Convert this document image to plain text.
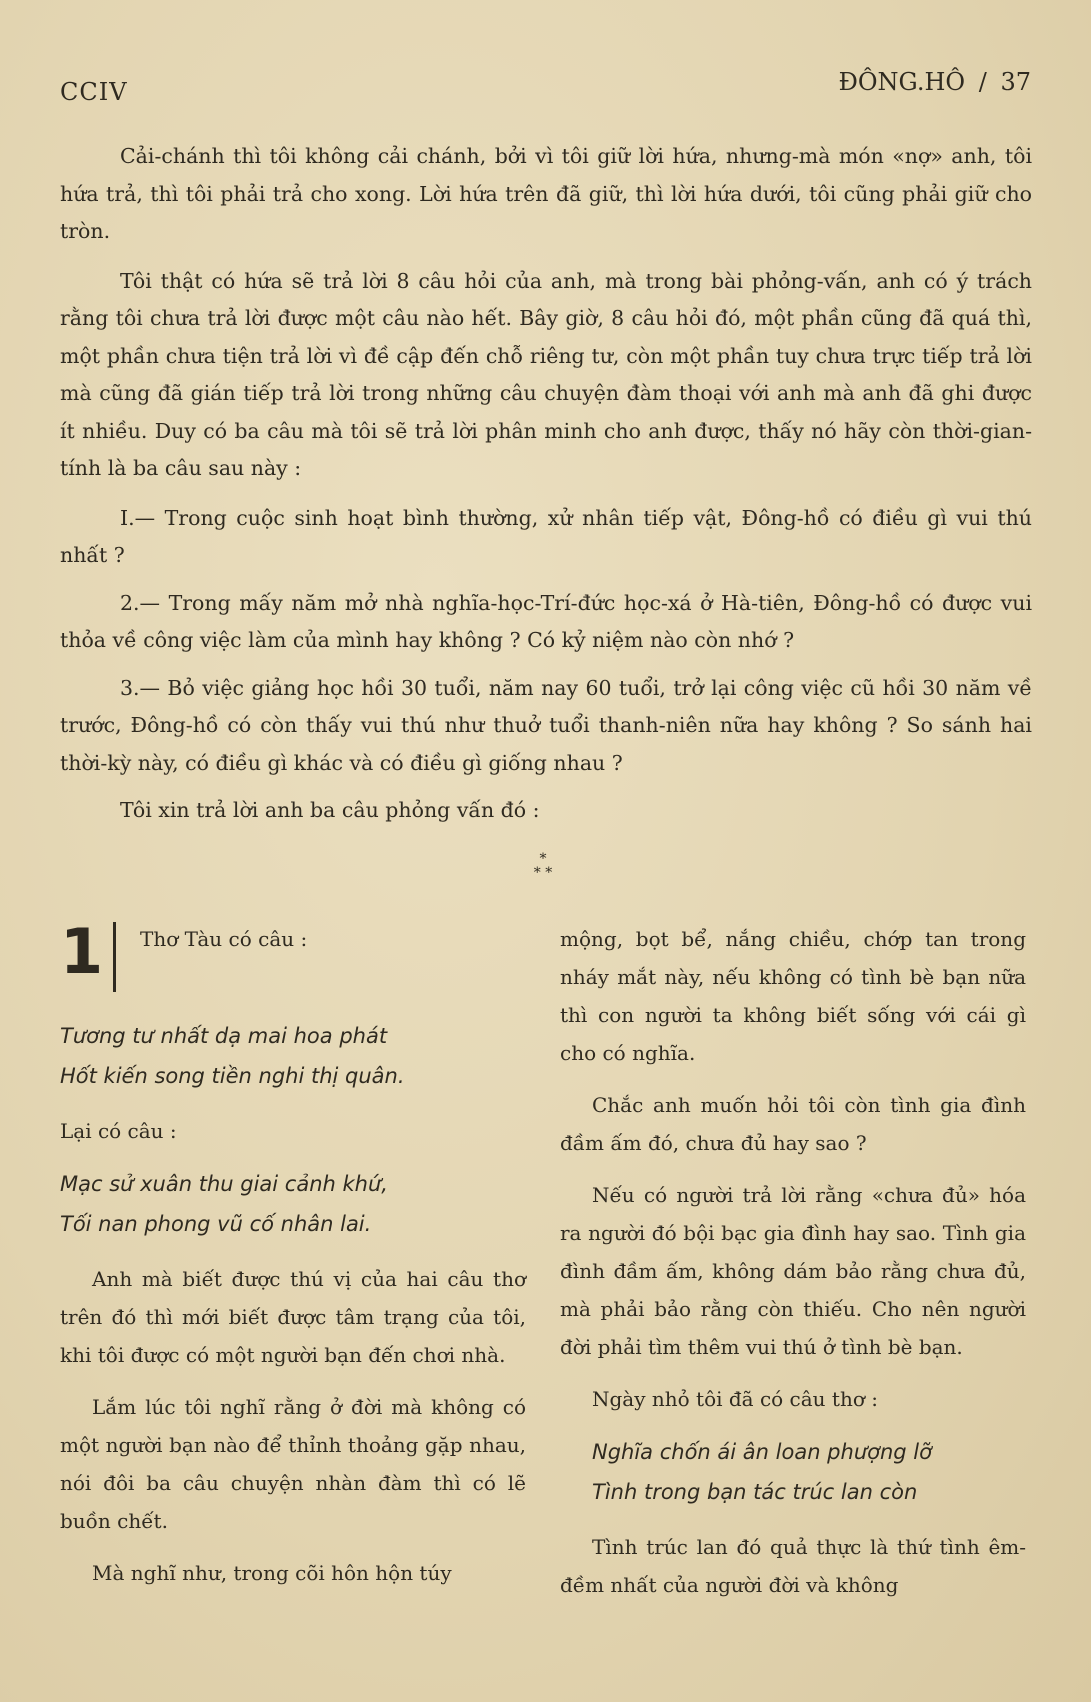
CCIV	ĐÔNG.HÔ / 37

Cải-chánh thì tôi không cải chánh, bởi vì tôi giữ lời hứa, nhưng-mà món «nợ» anh, tôi hứa trả, thì tôi phải trả cho xong. Lời hứa trên đã giữ, thì lời hứa dưới, tôi cũng phải giữ cho tròn.

Tôi thật có hứa sẽ trả lời 8 câu hỏi của anh, mà trong bài phỏng-vấn, anh có ý trách rằng tôi chưa trả lời được một câu nào hết. Bây giờ, 8 câu hỏi đó, một phần cũng đã quá thì, một phần chưa tiện trả lời vì đề cập đến chỗ riêng tư, còn một phần tuy chưa trực tiếp trả lời mà cũng đã gián tiếp trả lời trong những câu chuyện đàm thoại với anh mà anh đã ghi được ít nhiều. Duy có ba câu mà tôi sẽ trả lời phân minh cho anh được, thấy nó hãy còn thời-gian-tính là ba câu sau này :

I.— Trong cuộc sinh hoạt bình thường, xử nhân tiếp vật, Đông-hồ có điều gì vui thú nhất ?

2.— Trong mấy năm mở nhà nghĩa-học-Trí-đức học-xá ở Hà-tiên, Đông-hồ có được vui thỏa về công việc làm của mình hay không ? Có kỷ niệm nào còn nhớ ?

3.— Bỏ việc giảng học hồi 30 tuổi, năm nay 60 tuổi, trở lại công việc cũ hồi 30 năm về trước, Đông-hồ có còn thấy vui thú như thuở tuổi thanh-niên nữa hay không ? So sánh hai thời-kỳ này, có điều gì khác và có điều gì giống nhau ?

Tôi xin trả lời anh ba câu phỏng vấn đó :

*
* *
1 Thơ Tàu có câu :
Tương tư nhất dạ mai hoa phát
Hốt kiến song tiền nghi thị quân.

Lại có câu :

Mạc sử xuân thu giai cảnh khứ,
Tối nan phong vũ cố nhân lai.

Anh mà biết được thú vị của hai câu thơ trên đó thì mới biết được tâm trạng của tôi, khi tôi được có một người bạn đến chơi nhà.

Lắm lúc tôi nghĩ rằng ở đời mà không có một người bạn nào để thỉnh thoảng gặp nhau, nói đôi ba câu chuyện nhàn đàm thì có lẽ buồn chết.

Mà nghĩ như, trong cõi hôn hộn túy

mộng, bọt bể, nắng chiều, chớp tan trong nháy mắt này, nếu không có tình bè bạn nữa thì con người ta không biết sống với cái gì cho có nghĩa.

Chắc anh muốn hỏi tôi còn tình gia đình đầm ấm đó, chưa đủ hay sao ?

Nếu có người trả lời rằng «chưa đủ» hóa ra người đó bội bạc gia đình hay sao. Tình gia đình đầm ấm, không dám bảo rằng chưa đủ, mà phải bảo rằng còn thiếu. Cho nên người đời phải tìm thêm vui thú ở tình bè bạn.

Ngày nhỏ tôi đã có câu thơ :

Nghĩa chốn ái ân loan phượng lỡ
Tình trong bạn tác trúc lan còn

Tình trúc lan đó quả thực là thứ tình êm-đềm nhất của người đời và không
